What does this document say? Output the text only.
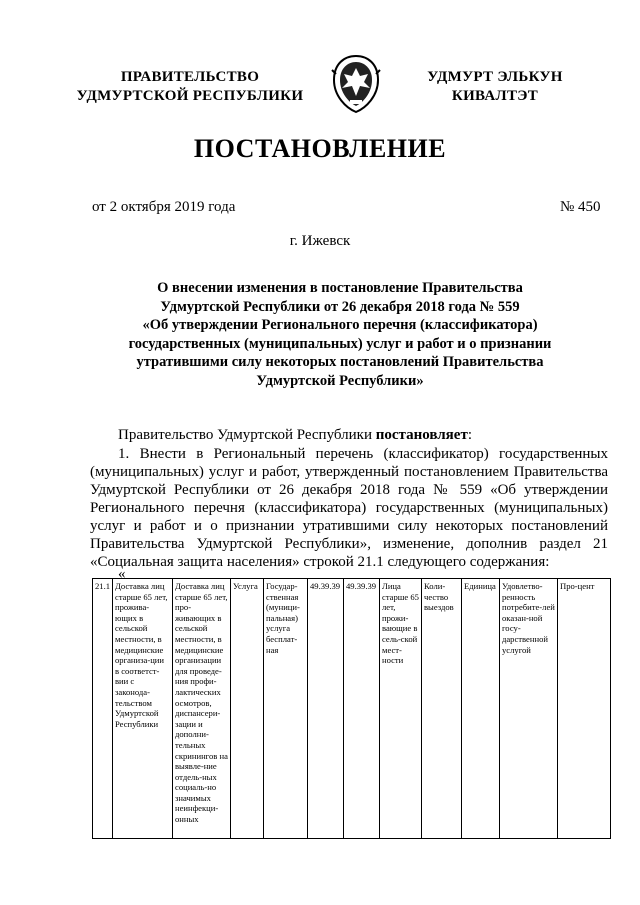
ПРАВИТЕЛЬСТВО
УДМУРТСКОЙ РЕСПУБЛИКИ
УДМУРТ ЭЛЬКУН
КИВАЛТЭТ
ПОСТАНОВЛЕНИЕ
от 2 октября 2019 года	№ 450
г. Ижевск
О внесении изменения в постановление Правительства
Удмуртской Республики от 26 декабря 2018 года № 559
«Об утверждении Регионального перечня (классификатора)
государственных (муниципальных) услуг и работ и о признании
утратившими силу некоторых постановлений Правительства
Удмуртской Республики»

Правительство Удмуртской Республики постановляет:

1. Внести в Региональный перечень (классификатор) государственных (муниципальных) услуг и работ, утвержденный постановлением Правительства Удмуртской Республики от 26 декабря 2018 года № 559 «Об утверждении Регионального перечня (классификатора) государственных (муниципальных) услуг и работ и о признании утратившими силу некоторых постановлений Правительства Удмуртской Республики», изменение, дополнив раздел 21 «Социальная защита населения» строкой 21.1 следующего содержания:

«
21.1	Доставка лиц старше 65 лет, прожива-ющих в сельской местности, в медицинские организа-ции в соответст-вии с законода-тельством Удмуртской Республики	Доставка лиц старше 65 лет, про-живающих в сельской местности, в медицинские организации для проведе-ния профи-лактических осмотров, диспансери-зации и дополни-тельных скринингов на выявле-ние отдель-ных социаль-но значимых неинфекци-онных	Услуга	Государ-ственная (муници-пальная) услуга бесплат-ная	49.39.39	49.39.39	Лица старше 65 лет, прожи-вающие в сель-ской мест-ности	Коли-чество выездов	Единица	Удовлетво-ренность потребите-лей оказан-ной госу-дарственной услугой	Про-цент
